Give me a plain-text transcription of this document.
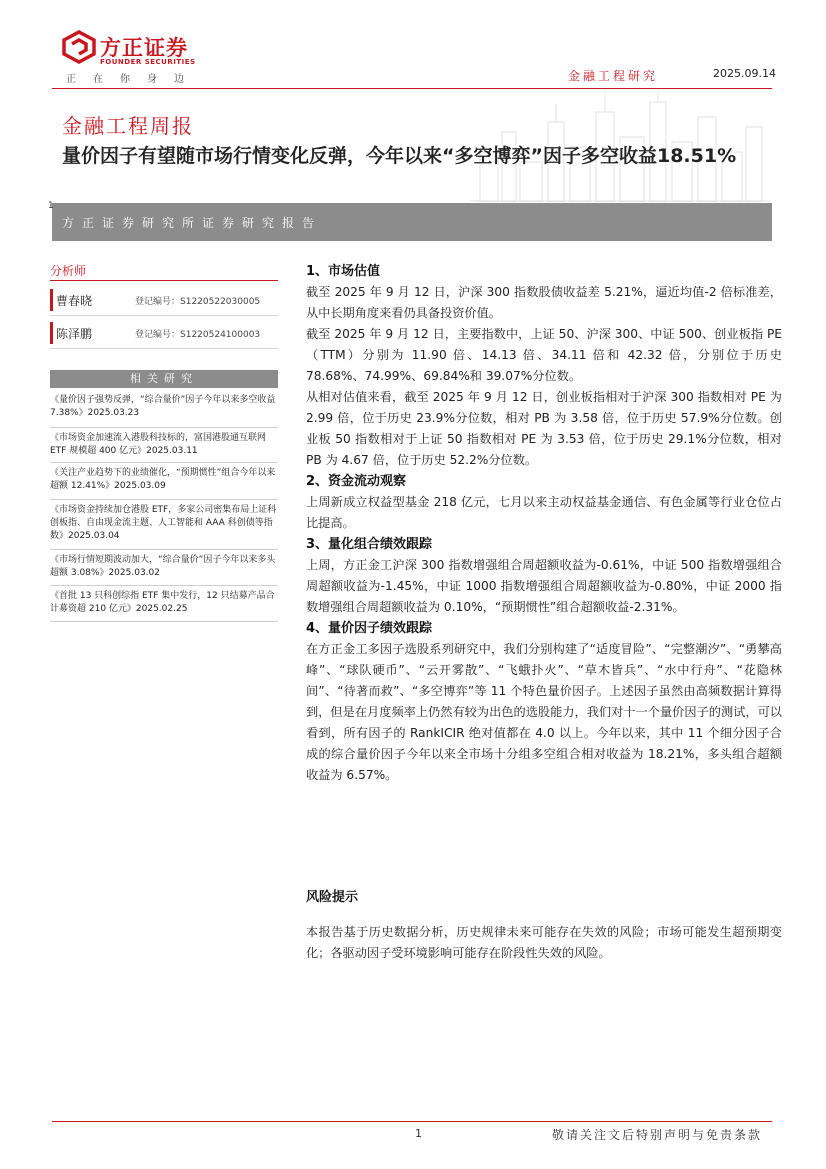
方正证券
FOUNDER SECURITIES
正在你身边	金融工程研究	2025.09.14
金融工程周报
量价因子有望随市场行情变化反弹，今年以来“多空博弈”因子多空收益18.51%
1
方正证券研究所证券研究报告
分析师
曹春晓	登记编号：S1220522030005
陈泽鹏	登记编号：S1220524100003
相关研究
《量价因子强势反弹，“综合量价”因子今年以来多空收益 7.38%》2025.03.23
《市场资金加速流入港股科技标的，富国港股通互联网 ETF 规模超 400 亿元》2025.03.11
《关注产业趋势下的业绩催化，“预期惯性”组合今年以来超额 12.41%》2025.03.09
《市场资金持续加仓港股 ETF，多家公司密集布局上证科创板指、自由现金流主题、人工智能和 AAA 科创债等指数》2025.03.04
《市场行情短期波动加大，“综合量价”因子今年以来多头超额 3.08%》2025.03.02
《首批 13 只科创综指 ETF 集中发行，12 只结募产品合计募资超 210 亿元》2025.02.25
1、市场估值

截至 2025 年 9 月 12 日，沪深 300 指数股债收益差 5.21%，逼近均值-2 倍标准差，从中长期角度来看仍具备投资价值。

截至 2025 年 9 月 12 日，主要指数中，上证 50、沪深 300、中证 500、创业板指 PE（TTM）分别为 11.90 倍、14.13 倍、34.11 倍和 42.32 倍，分别位于历史 78.68%、74.99%、69.84%和 39.07%分位数。

从相对估值来看，截至 2025 年 9 月 12 日，创业板指相对于沪深 300 指数相对 PE 为 2.99 倍，位于历史 23.9%分位数，相对 PB 为 3.58 倍，位于历史 57.9%分位数。创业板 50 指数相对于上证 50 指数相对 PE 为 3.53 倍，位于历史 29.1%分位数，相对 PB 为 4.67 倍，位于历史 52.2%分位数。

2、资金流动观察

上周新成立权益型基金 218 亿元，七月以来主动权益基金通信、有色金属等行业仓位占比提高。

3、量化组合绩效跟踪

上周，方正金工沪深 300 指数增强组合周超额收益为-0.61%，中证 500 指数增强组合周超额收益为-1.45%，中证 1000 指数增强组合周超额收益为-0.80%，中证 2000 指数增强组合周超额收益为 0.10%，“预期惯性”组合超额收益-2.31%。

4、量价因子绩效跟踪

在方正金工多因子选股系列研究中，我们分别构建了“适度冒险”、“完整潮汐”、“勇攀高峰”、“球队硬币”、“云开雾散”、“飞蛾扑火”、“草木皆兵”、“水中行舟”、“花隐林间”、“待著而救”、“多空博弈”等 11 个特色量价因子。上述因子虽然由高频数据计算得到，但是在月度频率上仍然有较为出色的选股能力，我们对十一个量价因子的测试，可以看到，所有因子的 RankICIR 绝对值都在 4.0 以上。今年以来，其中 11 个细分因子合成的综合量价因子今年以来全市场十分组多空组合相对收益为 18.21%，多头组合超额收益为 6.57%。

风险提示

本报告基于历史数据分析，历史规律未来可能存在失效的风险；市场可能发生超预期变化；各驱动因子受环境影响可能存在阶段性失效的风险。

1	敬请关注文后特别声明与免责条款
